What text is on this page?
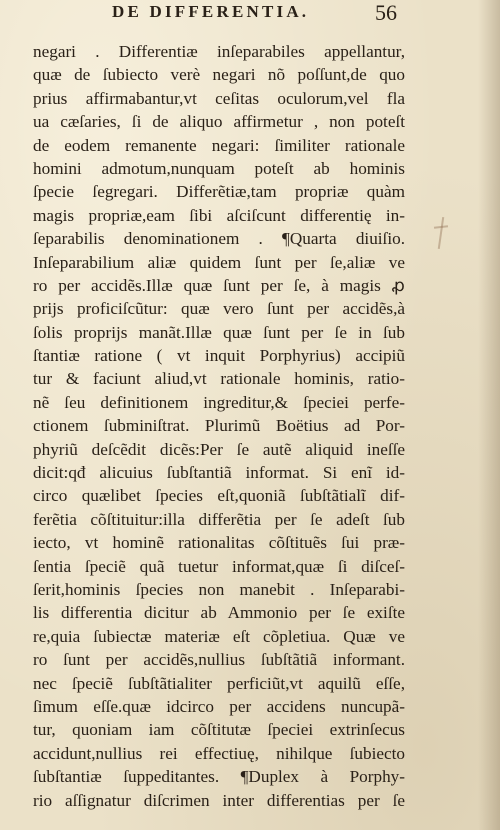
DE DIFFERENTIA.	56
negari . Differentiæ inſeparabiles appellantur,
quæ de ſubiecto verè negari nõ poſſunt,de quo
prius affirmabantur,vt ceſitas oculorum,vel fla
ua cæſaries, ſi de aliquo affirmetur , non poteſt
de eodem remanente negari: ſimiliter rationale
homini admotum,nunquam poteſt ab hominis
ſpecie ſegregari. Differẽtiæ,tam propriæ quàm
magis propriæ,eam ſibi aſciſcunt differentię in-
ſeparabilis denominationem . ¶Quarta diuiſio.
Inſeparabilium aliæ quidem ſunt per ſe,aliæ ve
ro per accidẽs.Illæ quæ ſunt per ſe, à magis ꝓ
prijs proficiſcũtur: quæ vero ſunt per accidẽs,à
ſolis proprijs manãt.Illæ quæ ſunt per ſe in ſub
ſtantiæ ratione ( vt inquit Porphyrius) accipiũ
tur & faciunt aliud,vt rationale hominis, ratio-
nẽ ſeu definitionem ingreditur,& ſpeciei perfe-
ctionem ſubminiſtrat. Plurimũ Boëtius ad Por-
phyriũ deſcẽdit dicẽs:Per ſe autẽ aliquid ineſſe
dicit:qđ alicuius ſubſtantiã informat. Si enĩ id-
circo quælibet ſpecies eſt,quoniã ſubſtãtialĩ dif-
ferẽtia cõſtituitur:illa differẽtia per ſe adeſt ſub
iecto, vt hominẽ rationalitas cõſtituẽs ſui præ-
ſentia ſpeciẽ quã tuetur informat,quæ ſi diſceſ-
ſerit,hominis ſpecies non manebit . Inſeparabi-
lis differentia dicitur ab Ammonio per ſe exiſte
re,quia ſubiectæ materiæ eſt cõpletiua. Quæ ve
ro ſunt per accidẽs,nullius ſubſtãtiã informant.
nec ſpeciẽ ſubſtãtialiter perficiũt,vt aquilũ eſſe,
ſimum eſſe.quæ idcirco per accidens nuncupã-
tur, quoniam iam cõſtitutæ ſpeciei extrinſecus
accidunt,nullius rei effectiuę, nihilque ſubiecto
ſubſtantiæ ſuppeditantes. ¶Duplex à Porphy-
rio aſſignatur diſcrimen inter differentias per ſe
